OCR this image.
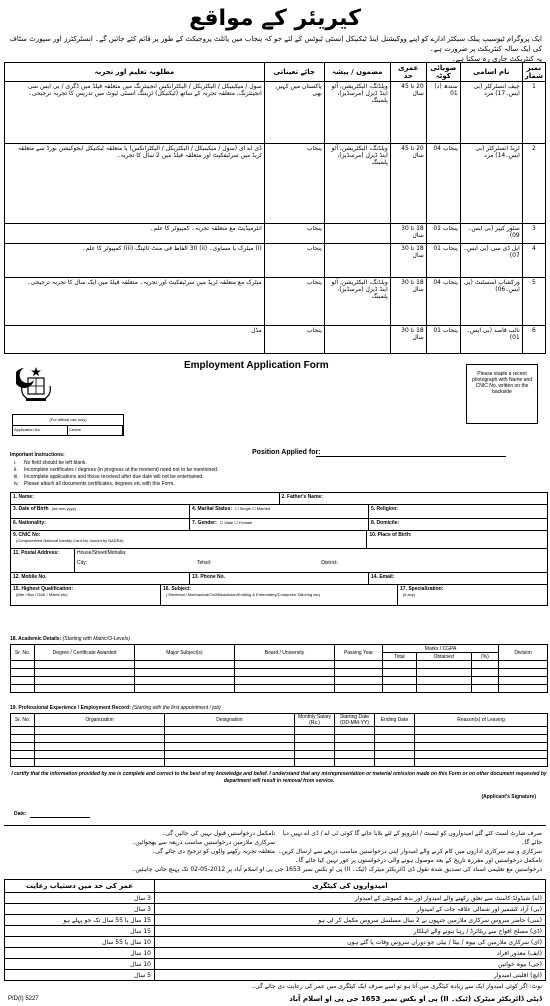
کیریئر کے مواقع
ایک پروگرام ٹیوسیپ پبلک سیکٹر ادارے کو اپنے ووکیشنل اینڈ ٹیکنیکل انسٹی ٹیوٹس کے لئے جو کہ پنجاب میں پائلٹ پروجیکٹ کے طور پر قائم کئے جائیں گے۔ انسٹرکٹرز اور سپورٹ سٹاف کی ایک سالہ کنٹریکٹ پر ضرورت ہے۔
یہ کنٹریکٹ جاری رہ سکتا ہے۔
نمبر شمار	نام اسامی	صوبائی کوٹہ	عمری حد	مضمون / پیشہ	جائے تعیناتی	مطلوبہ تعلیم اور تجربہ
1	چیف انسٹرکٹر (بی ایس۔17) مرد	سندھ (د) 01	20 تا 45 سال	ویلڈنگ، الیکٹریشن، آٹو اینڈ ڈیزل (مرسڈیز)، پلمبنگ	پاکستان میں کہیں بھی	سول / میکینیکل / الیکٹریکل / الیکٹرانکس انجینئرنگ میں متعلقہ فیلڈ میں ڈگری / بی ایس سی انجینئرنگ، متعلقہ تجربہ کے ساتھ (ٹیکنیکل) ٹریننگ انسٹی ٹیوٹ میں تدریس کا تجربہ ترجیحی۔
2	ٹریڈ انسٹرکٹر (بی ایس۔14) مرد	پنجاب 04	20 تا 45 سال	ویلڈنگ، الیکٹریشن، آٹو اینڈ ڈیزل (مرسڈیز)، پلمبنگ	پنجاب	ڈی اے ای (سول / میکینیکل / الیکٹریکل / الیکٹرانکس) یا متعلقہ ٹیکنیکل ایجوکیشن بورڈ سے متعلقہ ٹریڈ میں سرٹیفکیٹ اور متعلقہ فیلڈ میں 2 سال کا تجربہ۔
3	سٹور کیپر (بی ایس۔09)	پنجاب 01	18 تا 30 سال		پنجاب	انٹرمیڈیٹ مع متعلقہ تجربہ۔ کمپیوٹر کا علم۔
4	ایل ڈی سی (بی ایس۔07)	پنجاب 01	18 تا 30 سال		پنجاب	(i) میٹرک یا مساوی۔ (ii) 30 الفاظ فی منٹ ٹائپنگ (iii) کمپیوٹر کا علم۔
5	ورکشاپ اسسٹنٹ (بی ایس۔06)	پنجاب 04	18 تا 30 سال	ویلڈنگ، الیکٹریشن، آٹو اینڈ ڈیزل (مرسڈیز)، پلمبنگ	پنجاب	میٹرک مع متعلقہ ٹریڈ میں سرٹیفکیٹ اور تجربہ۔ متعلقہ فیلڈ میں ایک سال کا تجربہ ترجیحی۔
6	نائب قاصد (بی ایس۔01)	پنجاب 01	18 تا 30 سال		پنجاب	مڈل
Employment Application Form
Please staple a recent photograph with Name and CNIC No. written on the backside
(For official use only)
Application No.	Centre
Important Instructions:	Position Applied for:
i. No field should be left blank.
ii. Incomplete certificates / degrees (in progress at the moment) need not to be mentioned.
iii. Incomplete applications and those received after due date will not be entertained.
iv. Please attach all documents certificates, degrees etc with this Form.
1. Name:	2. Father's Name:
3. Date of Birth (dd-mm-yyyy)	4. Marital Status: ☐ Single ☐ Married	5. Religion:
6. Nationality:	7. Gender: ☐ Male ☐ Female	8. Domicile:
9. CNIC No:
(Computerized National Identity Card No. issued by NADRA)
10. Place of Birth:
11. Postal Address:	House/Street/Mohalla:
City:	Tehsil:	District:
12. Mobile No.	13. Phone No.	14. Email:
15. Highest Qualification:
(Mte / Bsc / DAE / Matric etc)
16. Subject:
( Electrical / Mechanical/Civil/Beautician/Knitting & Embroidery/Computer/ Tailoring etc)
17. Specialization:
(if any)
18. Academic Details: (Starting with Matric/O-Levels)
Sr. No.	Degree / Certificate Awarded	Major Subject(s)	Board / University	Passing Year	Marks / CGPA			Division
					Total	Obtained	(%)	

19. Professional Experience / Employment Record: (Starting with the first appointment / job)
Sr. No.	Organization	Designation	Monthly Salary (Rs.)	Starting Date (DD-MM-YY)	Ending Date	Reason(s) of Leaving

I certify that the information provided by me is complete and correct to the best of my knowledge and belief. I understand that any misrepresentation or material omission made on this Form or on other document requested by department will result in removal from service.
(Applicant's Signature)
Date:
صرف شارٹ لسٹ کئے گئے امیدواروں کو ٹیسٹ / انٹرویو کے لئے بلایا جائے گا کوئی ٹی اے / ڈی اے نہیں دیا جائے گا۔
سرکاری و نیم سرکاری اداروں میں کام کرنے والے امیدوار اپنی درخواستیں مناسب ذریعے سے ارسال کریں۔
نامکمل درخواستیں اور مقررہ تاریخ کے بعد موصول ہونے والی درخواستوں پر غور نہیں کیا جائے گا۔
نامکمل درخواستیں قبول نہیں کی جائیں گی۔
سرکاری ملازمین درخواستیں مناسب ذریعہ سے بھجوائیں۔
متعلقہ تجربہ رکھنے والوں کو ترجیح دی جائے گی۔
درخواستیں مع تعلیمی اسناد کی تصدیق شدہ نقول ڈی ڈائریکٹر میٹرک (ٹیک۔ II) پی او بکس نمبر 1653 جی پی او اسلام آباد پر 2012-05-02 تک پہنچ جانی چاہئیں۔
امیدواروں کی کیٹگری	عمر کی حد میں دستیاب رعایت
(اے) شیڈولڈ کاسٹ سے تعلق رکھنے والے امیدوار اور بدھ کمیونٹی کے امیدوار	3 سال
(بی) آزاد کشمیر اور شمالی علاقہ جات کے امیدوار	3 سال
(سی) حاضر سروس سرکاری ملازمین جنہوں نے 2 سال مسلسل سروس مکمل کر لی ہو	15 سال یا 55 سال تک جو پہلے ہو
(ڈی) مسلح افواج سے ریٹائرڈ / رہا ہونے والے اہلکار	15 سال
(ای) سرکاری ملازمین کی بیوہ / بیٹا / بیٹی جو دوران سروس وفات پا گئے ہوں	10 سال یا 55 سال
(ایف) معذور افراد	10 سال
(جی) بیوہ خواتین	10 سال
(ایچ) اقلیتی امیدوار	5 سال
نوٹ: اگر کوئی امیدوار ایک سے زیادہ کیٹگری میں آتا ہو تو اسے صرف ایک کیٹگری میں عمر کی رعایت دی جائے گی۔
PID(I) 5227	ڈپٹی ڈائریکٹر میٹرک (ٹیک۔ II) پی او بکس نمبر 1653 جی پی او اسلام آباد
